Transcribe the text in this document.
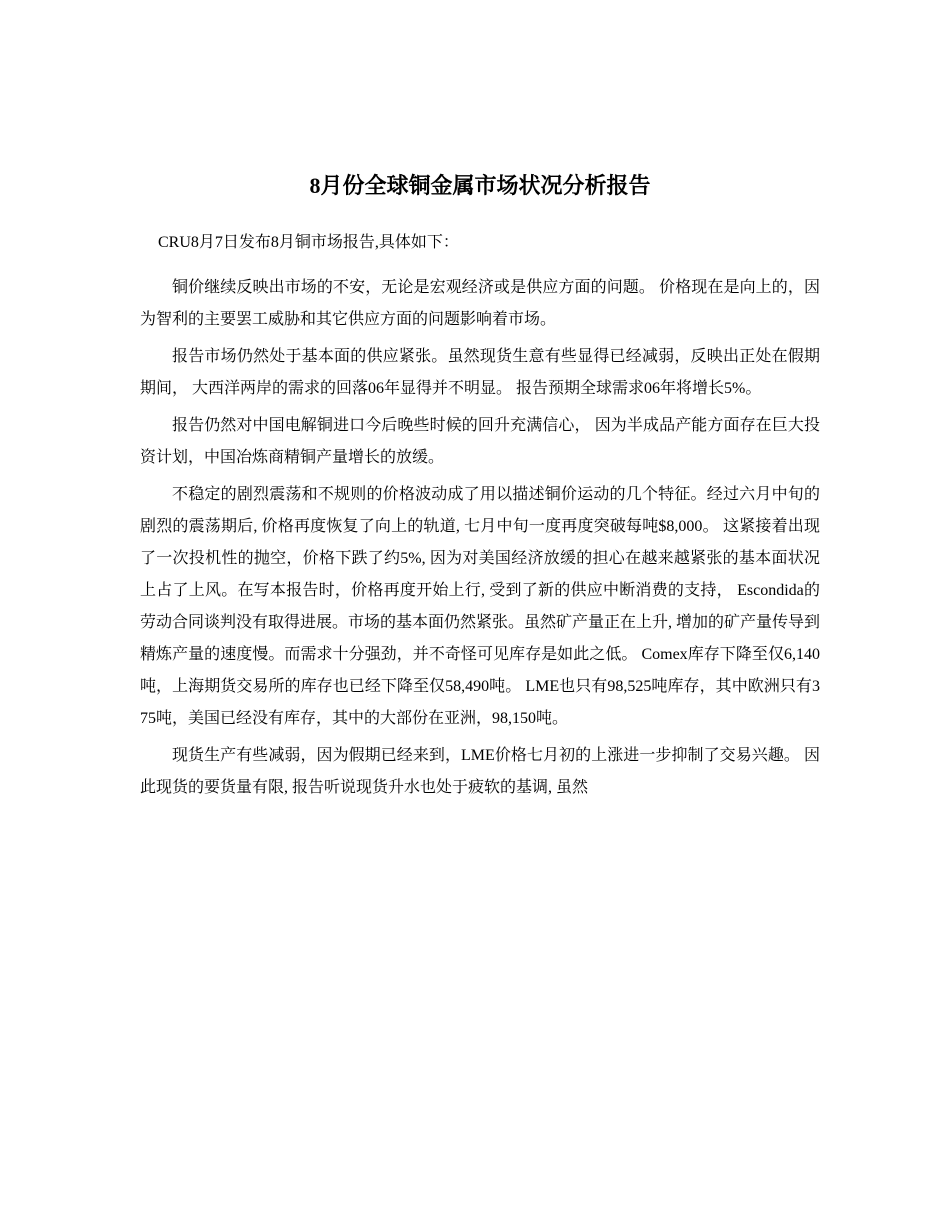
8月份全球铜金属市场状况分析报告

CRU8月7日发布8月铜市场报告,具体如下：

铜价继续反映出市场的不安，无论是宏观经济或是供应方面的问题。 价格现在是向上的，因为智利的主要罢工威胁和其它供应方面的问题影响着市场。

报告市场仍然处于基本面的供应紧张。虽然现货生意有些显得已经减弱，反映出正处在假期期间， 大西洋两岸的需求的回落06年显得并不明显。 报告预期全球需求06年将增长5%。

报告仍然对中国电解铜进口今后晚些时候的回升充满信心， 因为半成品产能方面存在巨大投资计划，中国冶炼商精铜产量增长的放缓。

不稳定的剧烈震荡和不规则的价格波动成了用以描述铜价运动的几个特征。经过六月中旬的剧烈的震荡期后, 价格再度恢复了向上的轨道, 七月中旬一度再度突破每吨$8,000。 这紧接着出现了一次投机性的抛空，价格下跌了约5%, 因为对美国经济放缓的担心在越来越紧张的基本面状况上占了上风。在写本报告时，价格再度开始上行, 受到了新的供应中断消费的支持， Escondida的劳动合同谈判没有取得进展。市场的基本面仍然紧张。虽然矿产量正在上升, 增加的矿产量传导到精炼产量的速度慢。而需求十分强劲，并不奇怪可见库存是如此之低。 Comex库存下降至仅6,140吨，上海期货交易所的库存也已经下降至仅58,490吨。 LME也只有98,525吨库存，其中欧洲只有375吨，美国已经没有库存，其中的大部份在亚洲，98,150吨。

现货生产有些减弱，因为假期已经来到，LME价格七月初的上涨进一步抑制了交易兴趣。 因此现货的要货量有限, 报告听说现货升水也处于疲软的基调, 虽然
